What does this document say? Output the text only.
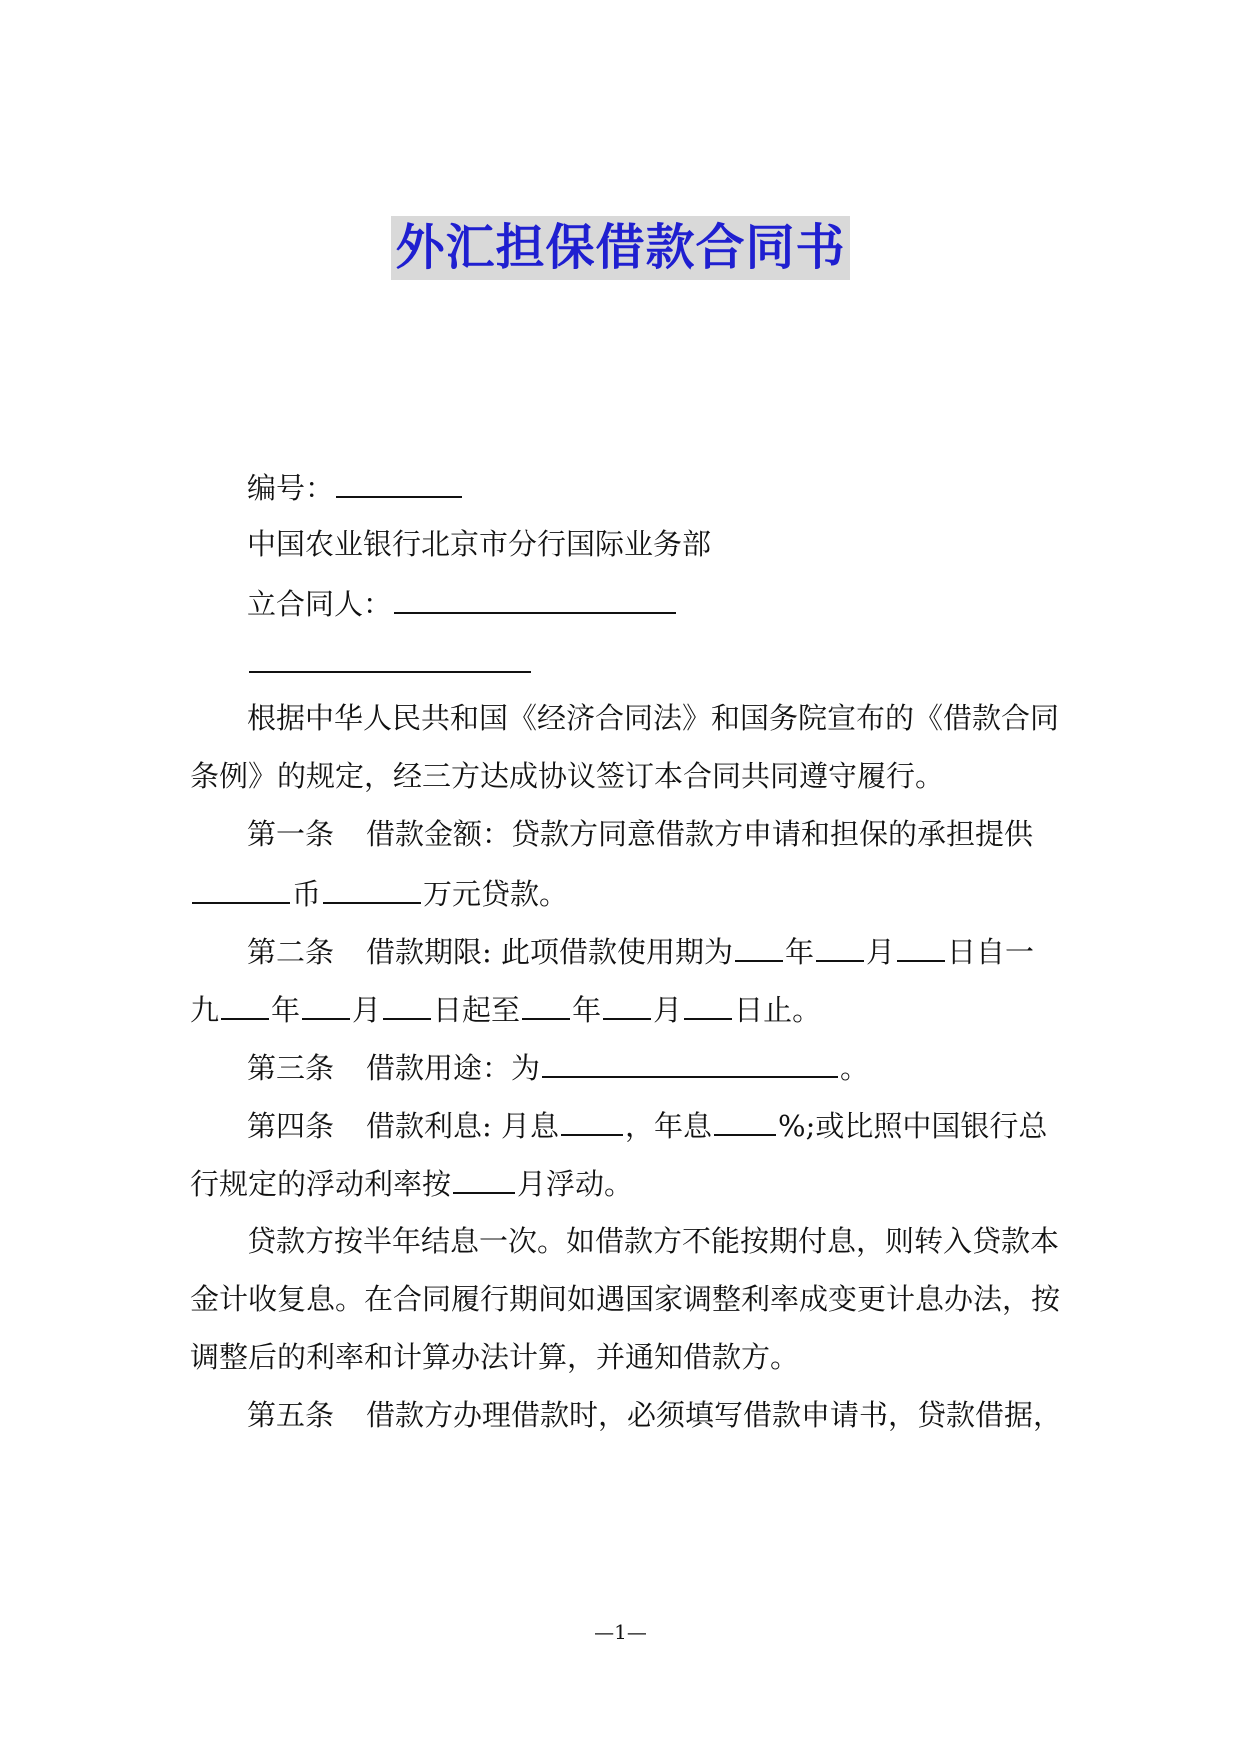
外汇担保借款合同书
编号：
中国农业银行北京市分行国际业务部
立合同人：
根据中华人民共和国《经济合同法》和国务院宣布的《借款合同
条例》的规定，经三方达成协议签订本合同共同遵守履行。
第一条 借款金额：贷款方同意借款方申请和担保的承担提供
币	万元贷款。
第二条 借款期限: 此项借款使用期为 年 月 日自一
九 年 月 日起至 年 月 日止。
第三条 借款用途：为	。
第四条 借款利息: 月息 ，年息 %;或比照中国银行总
行规定的浮动利率按 月浮动。
贷款方按半年结息一次。如借款方不能按期付息，则转入贷款本
金计收复息。在合同履行期间如遇国家调整利率成变更计息办法，按
调整后的利率和计算办法计算，并通知借款方。
第五条 借款方办理借款时，必须填写借款申请书，贷款借据，
—1—
